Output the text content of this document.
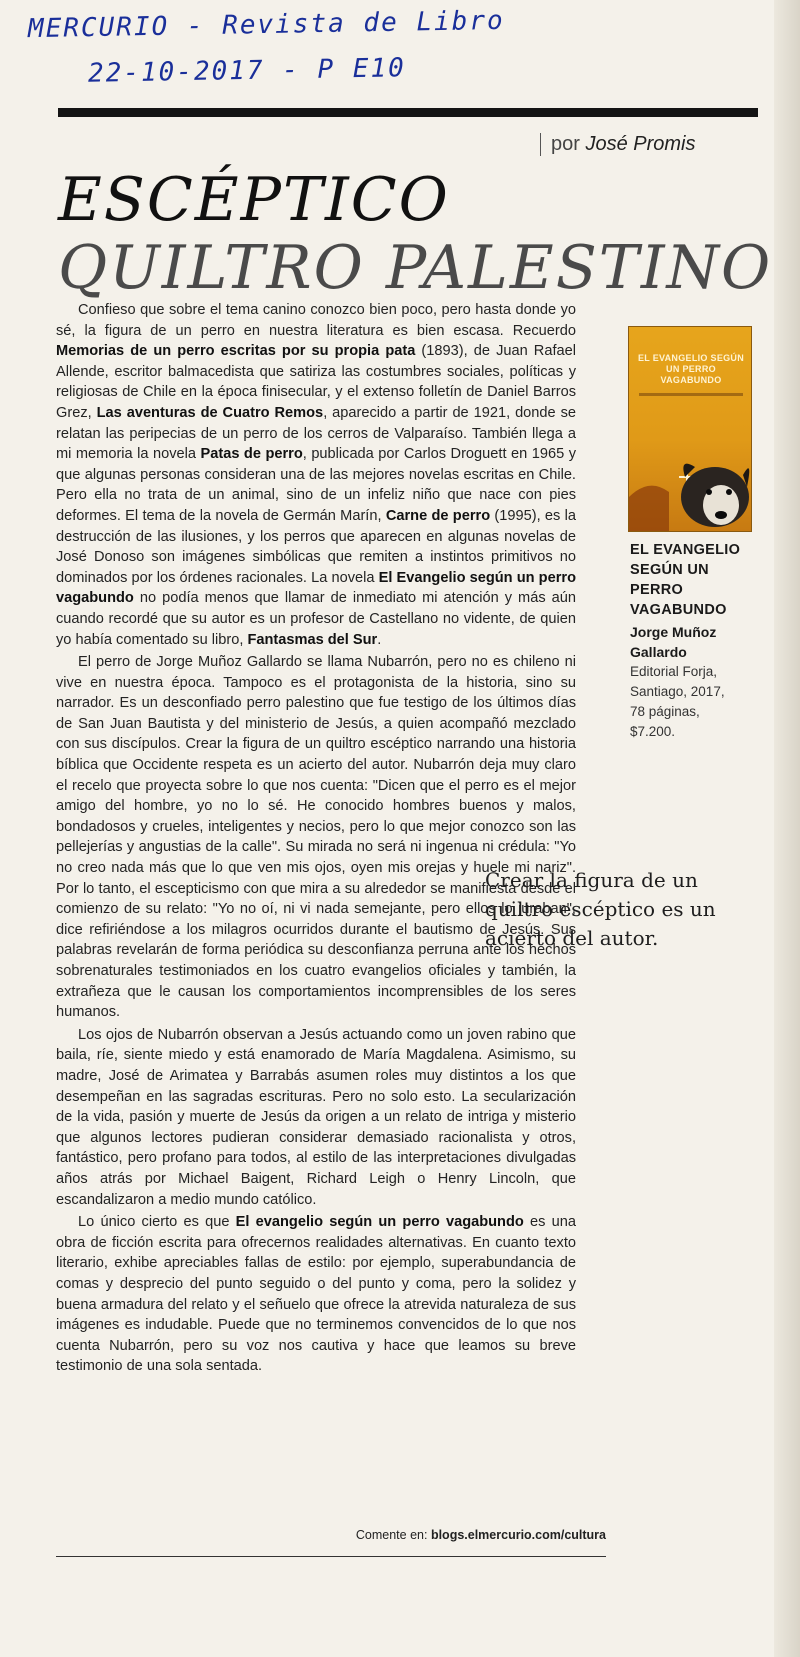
MERCURIO - Revista de Libro
22-10-2017 - P E10
por José Promis
ESCÉPTICO
QUILTRO PALESTINO

Confieso que sobre el tema canino conozco bien poco, pero hasta donde yo sé, la figura de un perro en nuestra literatura es bien escasa. Recuerdo Memorias de un perro escritas por su propia pata (1893), de Juan Rafael Allende, escritor balmacedista que satiriza las costumbres sociales, políticas y religiosas de Chile en la época finisecular, y el extenso folletín de Daniel Barros Grez, Las aventuras de Cuatro Remos, aparecido a partir de 1921, donde se relatan las peripecias de un perro de los cerros de Valparaíso. También llega a mi memoria la novela Patas de perro, publicada por Carlos Droguett en 1965 y que algunas personas consideran una de las mejores novelas escritas en Chile. Pero ella no trata de un animal, sino de un infeliz niño que nace con pies deformes. El tema de la novela de Germán Marín, Carne de perro (1995), es la destrucción de las ilusiones, y los perros que aparecen en algunas novelas de José Donoso son imágenes simbólicas que remiten a instintos primitivos no dominados por los órdenes racionales. La novela El Evangelio según un perro vagabundo no podía menos que llamar de inmediato mi atención y más aún cuando recordé que su autor es un profesor de Castellano no vidente, de quien yo había comentado su libro, Fantasmas del Sur.

El perro de Jorge Muñoz Gallardo se llama Nubarrón, pero no es chileno ni vive en nuestra época. Tampoco es el protagonista de la historia, sino su narrador. Es un desconfiado perro palestino que fue testigo de los últimos días de San Juan Bautista y del ministerio de Jesús, a quien acompañó mezclado con sus discípulos. Crear la figura de un quiltro escéptico narrando una historia bíblica que Occidente respeta es un acierto del autor. Nubarrón deja muy claro el recelo que proyecta sobre lo que nos cuenta: "Dicen que el perro es el mejor amigo del hombre, yo no lo sé. He conocido hombres buenos y malos, bondadosos y crueles, inteligentes y necios, pero lo que mejor conozco son las pellejerías y angustias de la calle". Su mirada no será ni ingenua ni crédula: "Yo no creo nada más que lo que ven mis ojos, oyen mis orejas y huele mi nariz". Por lo tanto, el escepticismo con que mira a su alrededor se manifiesta desde el comienzo de su relato: "Yo no oí, ni vi nada semejante, pero ellos lo juraban", dice refiriéndose a los milagros ocurridos durante el bautismo de Jesús. Sus palabras revelarán de forma periódica su desconfianza perruna ante los hechos sobrenaturales testimoniados en los cuatro evangelios oficiales y también, la extrañeza que le causan los comportamientos incomprensibles de los seres humanos.

Los ojos de Nubarrón observan a Jesús actuando como un joven rabino que baila, ríe, siente miedo y está enamorado de María Magdalena. Asimismo, su madre, José de Arimatea y Barrabás asumen roles muy distintos a los que desempeñan en las sagradas escrituras. Pero no solo esto. La secularización de la vida, pasión y muerte de Jesús da origen a un relato de intriga y misterio que algunos lectores pudieran considerar demasiado racionalista y otros, fantástico, pero profano para todos, al estilo de las interpretaciones divulgadas años atrás por Michael Baigent, Richard Leigh o Henry Lincoln, que escandalizaron a medio mundo católico.

Lo único cierto es que El evangelio según un perro vagabundo es una obra de ficción escrita para ofrecernos realidades alternativas. En cuanto texto literario, exhibe apreciables fallas de estilo: por ejemplo, superabundancia de comas y desprecio del punto seguido o del punto y coma, pero la solidez y buena armadura del relato y el señuelo que ofrece la atrevida naturaleza de sus imágenes es indudable. Puede que no terminemos convencidos de lo que nos cuenta Nubarrón, pero su voz nos cautiva y hace que leamos su breve testimonio de una sola sentada.

Crear la figura de un quiltro escéptico es un acierto del autor.
EL EVANGELIO SEGÚN UN PERRO VAGABUNDO
EL EVANGELIO SEGÚN UN PERRO VAGABUNDO
Jorge Muñoz Gallardo
Editorial Forja,
Santiago, 2017,
78 páginas,
$7.200.
Comente en: blogs.elmercurio.com/cultura
